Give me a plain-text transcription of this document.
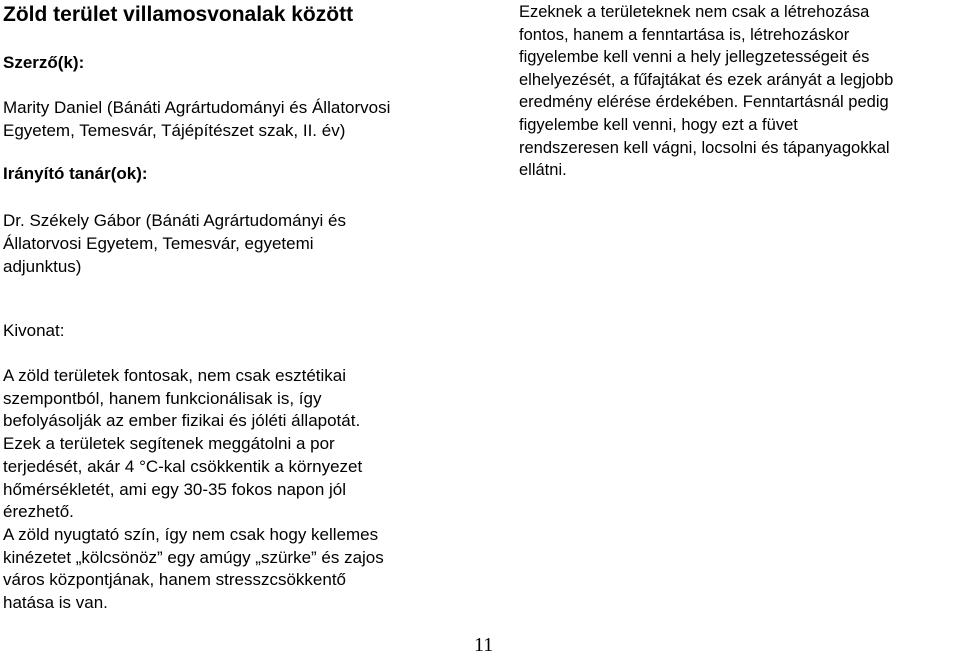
Zöld terület villamosvonalak között
Szerző(k):
Marity Daniel (Bánáti Agrártudományi és Állatorvosi
Egyetem, Temesvár, Tájépítészet szak, II. év)
Irányító tanár(ok):
Dr. Székely Gábor (Bánáti Agrártudományi és
Állatorvosi Egyetem, Temesvár, egyetemi
adjunktus)
Kivonat:
A zöld területek fontosak, nem csak esztétikai
szempontból, hanem funkcionálisak is, így
befolyásolják az ember fizikai és jóléti állapotát.
Ezek a területek segítenek meggátolni a por
terjedését, akár 4 °C-kal csökkentik a környezet
hőmérsékletét, ami egy 30-35 fokos napon jól
érezhető.
A zöld nyugtató szín, így nem csak hogy kellemes
kinézetet „kölcsönöz” egy amúgy „szürke” és zajos
város központjának, hanem stresszcsökkentő
hatása is van.
Ezeknek a területeknek nem csak a létrehozása
fontos, hanem a fenntartása is, létrehozáskor
figyelembe kell venni a hely jellegzetességeit és
elhelyezését, a fűfajtákat és ezek arányát a legjobb
eredmény elérése érdekében. Fenntartásnál pedig
figyelembe kell venni, hogy ezt a füvet
rendszeresen kell vágni, locsolni és tápanyagokkal
ellátni.
11
